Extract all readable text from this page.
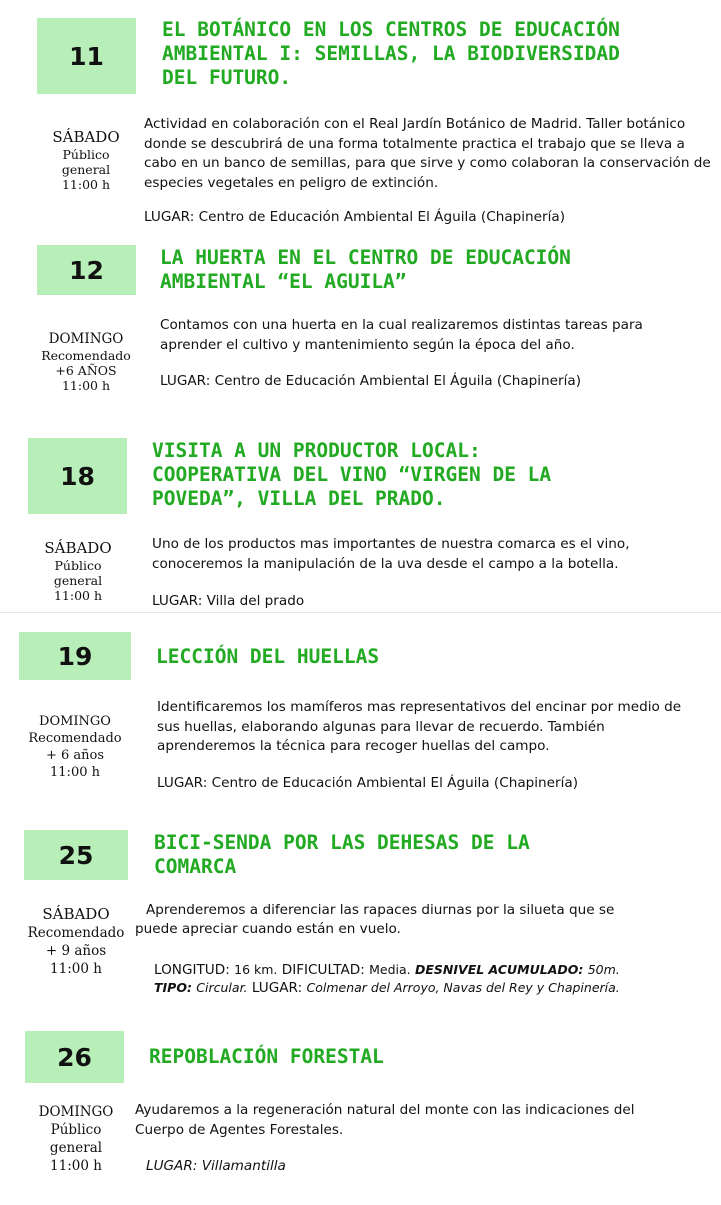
11
EL BOTÁNICO EN LOS CENTROS DE EDUCACIÓN
AMBIENTAL I: SEMILLAS, LA BIODIVERSIDAD
DEL FUTURO.
SÁBADO
Público
general
11:00 h
Actividad en colaboración con el Real Jardín Botánico de Madrid. Taller botánico donde se descubrirá de una forma totalmente practica el trabajo que se lleva a cabo en un banco de semillas, para que sirve y como colaboran la conservación de especies vegetales en peligro de extinción.
LUGAR: Centro de Educación Ambiental El Águila (Chapinería)
12	LA HUERTA EN EL CENTRO DE EDUCACIÓN
AMBIENTAL “EL AGUILA”
DOMINGO
Recomendado
+6 AÑOS
11:00 h
Contamos con una huerta en la cual realizaremos distintas tareas para aprender el cultivo y mantenimiento según la época del año.
LUGAR: Centro de Educación Ambiental El Águila (Chapinería)
18
VISITA A UN PRODUCTOR LOCAL:
COOPERATIVA DEL VINO “VIRGEN DE LA
POVEDA”, VILLA DEL PRADO.
SÁBADO
Público
general
11:00 h
Uno de los productos mas importantes de nuestra comarca es el vino, conoceremos la manipulación de la uva desde el campo a la botella.
LUGAR: Villa del prado
19	LECCIÓN DEL HUELLAS
DOMINGO
Recomendado
+ 6 años
11:00 h
Identificaremos los mamíferos mas representativos del encinar por medio de sus huellas, elaborando algunas para llevar de recuerdo. También aprenderemos la técnica para recoger huellas del campo.
LUGAR: Centro de Educación Ambiental El Águila (Chapinería)
25	BICI-SENDA POR LAS DEHESAS DE LA
COMARCA
SÁBADO
Recomendado
+ 9 años
11:00 h
Aprenderemos a diferenciar las rapaces diurnas por la silueta que se
puede apreciar cuando están en vuelo.
LONGITUD: 16 km. DIFICULTAD: Media. DESNIVEL ACUMULADO: 50m.
TIPO: Circular. LUGAR: Colmenar del Arroyo, Navas del Rey y Chapinería.
26	REPOBLACIÓN FORESTAL
DOMINGO
Público
general
11:00 h
Ayudaremos a la regeneración natural del monte con las indicaciones del Cuerpo de Agentes Forestales.
LUGAR: Villamantilla
